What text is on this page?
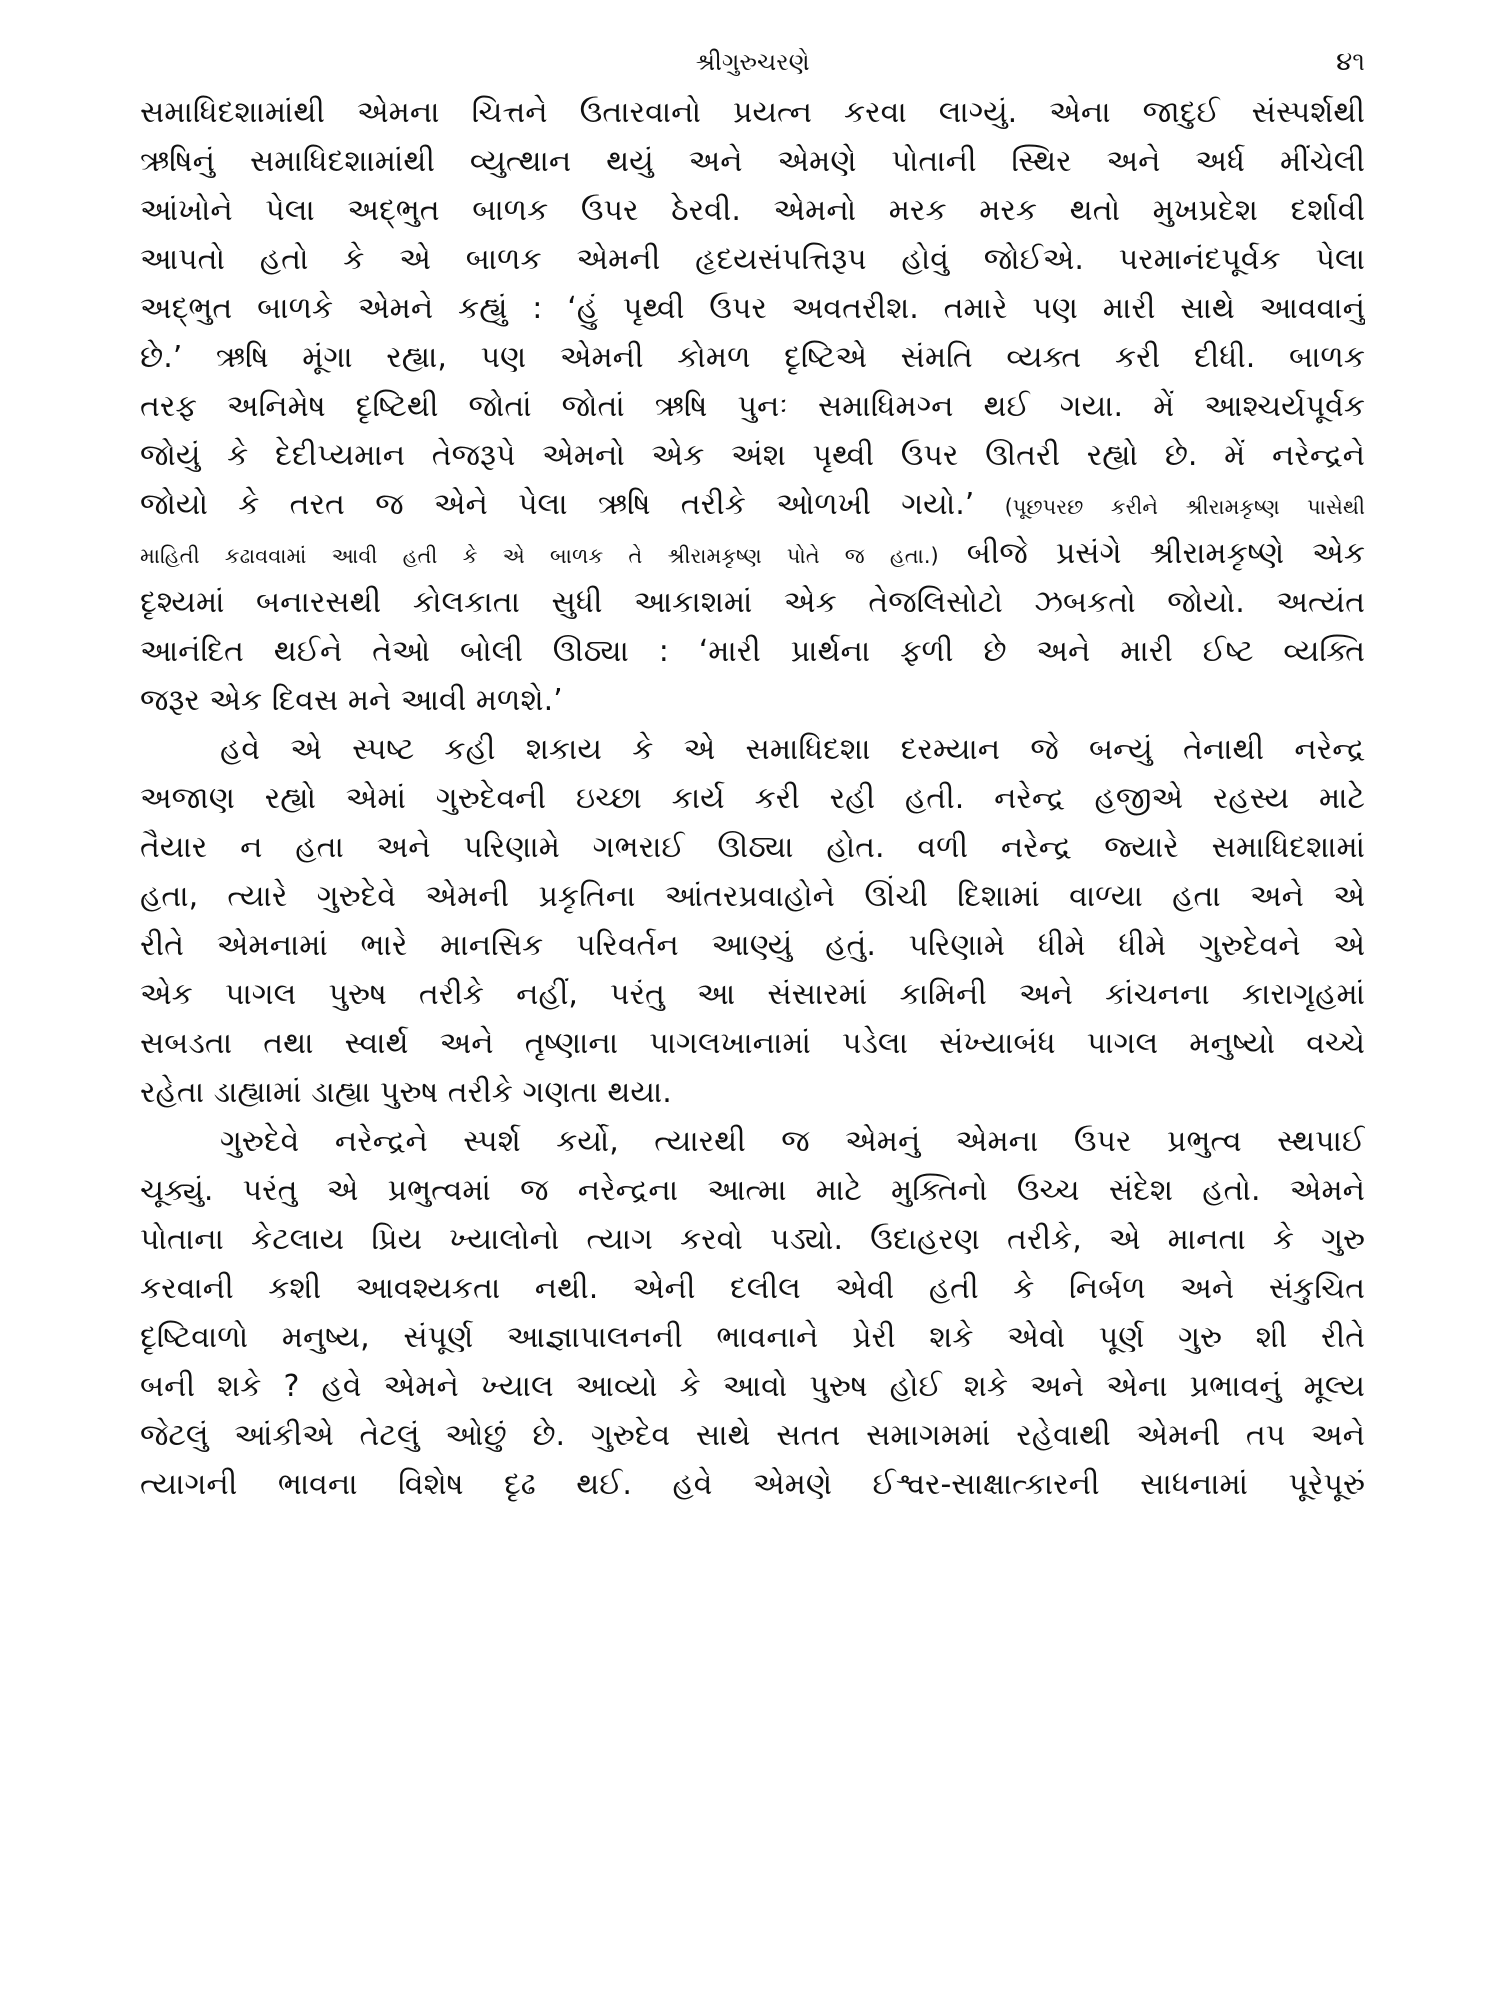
શ્રીગુરુચરણે	૪૧
સમાધિદશામાંથી એમના ચિત્તને ઉતારવાનો પ્રયત્ન કરવા લાગ્યું. એના જાદુઈ સંસ્પર્શથી
ઋષિનું સમાધિદશામાંથી વ્યુત્થાન થયું અને એમણે પોતાની સ્થિર અને અર્ધ મીંચેલી
આંખોને પેલા અદ્ભુત બાળક ઉપર ઠેરવી. એમનો મરક મરક થતો મુખપ્રદેશ દર્શાવી
આપતો હતો કે એ બાળક એમની હૃદયસંપત્તિરૂપ હોવું જોઈએ. પરમાનંદપૂર્વક પેલા
અદ્ભુત બાળકે એમને કહ્યું : ‘હું પૃથ્વી ઉપર અવતરીશ. તમારે પણ મારી સાથે આવવાનું
છે.’ ઋષિ મૂંગા રહ્યા, પણ એમની કોમળ દૃષ્ટિએ સંમતિ વ્યક્ત કરી દીધી. બાળક
તરફ અનિમેષ દૃષ્ટિથી જોતાં જોતાં ઋષિ પુનઃ સમાધિમગ્ન થઈ ગયા. મેં આશ્ચર્યપૂર્વક
જોયું કે દેદીપ્યમાન તેજરૂપે એમનો એક અંશ પૃથ્વી ઉપર ઊતરી રહ્યો છે. મેં નરેન્દ્રને
જોયો કે તરત જ એને પેલા ઋષિ તરીકે ઓળખી ગયો.’ (પૂછપરછ કરીને શ્રીરામકૃષ્ણ પાસેથી
માહિતી કઢાવવામાં આવી હતી કે એ બાળક તે શ્રીરામકૃષ્ણ પોતે જ હતા.) બીજે પ્રસંગે શ્રીરામકૃષ્ણે એક
દૃશ્યમાં બનારસથી કોલકાતા સુધી આકાશમાં એક તેજલિસોટો ઝબકતો જોયો. અત્યંત
આનંદિત થઈને તેઓ બોલી ઊઠ્યા : ‘મારી પ્રાર્થના ફળી છે અને મારી ઈષ્ટ વ્યક્તિ
જરૂર એક દિવસ મને આવી મળશે.’
હવે એ સ્પષ્ટ કહી શકાય કે એ સમાધિદશા દરમ્યાન જે બન્યું તેનાથી નરેન્દ્ર
અજાણ રહ્યો એમાં ગુરુદેવની ઇચ્છા કાર્ય કરી રહી હતી. નરેન્દ્ર હજીએ રહસ્ય માટે
તૈયાર ન હતા અને પરિણામે ગભરાઈ ઊઠ્યા હોત. વળી નરેન્દ્ર જ્યારે સમાધિદશામાં
હતા, ત્યારે ગુરુદેવે એમની પ્રકૃતિના આંતરપ્રવાહોને ઊંચી દિશામાં વાળ્યા હતા અને એ
રીતે એમનામાં ભારે માનસિક પરિવર્તન આણ્યું હતું. પરિણામે ધીમે ધીમે ગુરુદેવને એ
એક પાગલ પુરુષ તરીકે નહીં, પરંતુ આ સંસારમાં કામિની અને કાંચનના કારાગૃહમાં
સબડતા તથા સ્વાર્થ અને તૃષ્ણાના પાગલખાનામાં પડેલા સંખ્યાબંધ પાગલ મનુષ્યો વચ્ચે
રહેતા ડાહ્યામાં ડાહ્યા પુરુષ તરીકે ગણતા થયા.
ગુરુદેવે નરેન્દ્રને સ્પર્શ કર્યો, ત્યારથી જ એમનું એમના ઉપર પ્રભુત્વ સ્થપાઈ
ચૂક્યું. પરંતુ એ પ્રભુત્વમાં જ નરેન્દ્રના આત્મા માટે મુક્તિનો ઉચ્ચ સંદેશ હતો. એમને
પોતાના કેટલાય પ્રિય ખ્યાલોનો ત્યાગ કરવો પડ્યો. ઉદાહરણ તરીકે, એ માનતા કે ગુરુ
કરવાની કશી આવશ્યકતા નથી. એની દલીલ એવી હતી કે નિર્બળ અને સંકુચિત
દૃષ્ટિવાળો મનુષ્ય, સંપૂર્ણ આજ્ઞાપાલનની ભાવનાને પ્રેરી શકે એવો પૂર્ણ ગુરુ શી રીતે
બની શકે ? હવે એમને ખ્યાલ આવ્યો કે આવો પુરુષ હોઈ શકે અને એના પ્રભાવનું મૂલ્ય
જેટલું આંકીએ તેટલું ઓછું છે. ગુરુદેવ સાથે સતત સમાગમમાં રહેવાથી એમની તપ અને
ત્યાગની ભાવના વિશેષ દૃઢ થઈ. હવે એમણે ઈશ્વર-સાક્ષાત્કારની સાધનામાં પૂરેપૂરું
